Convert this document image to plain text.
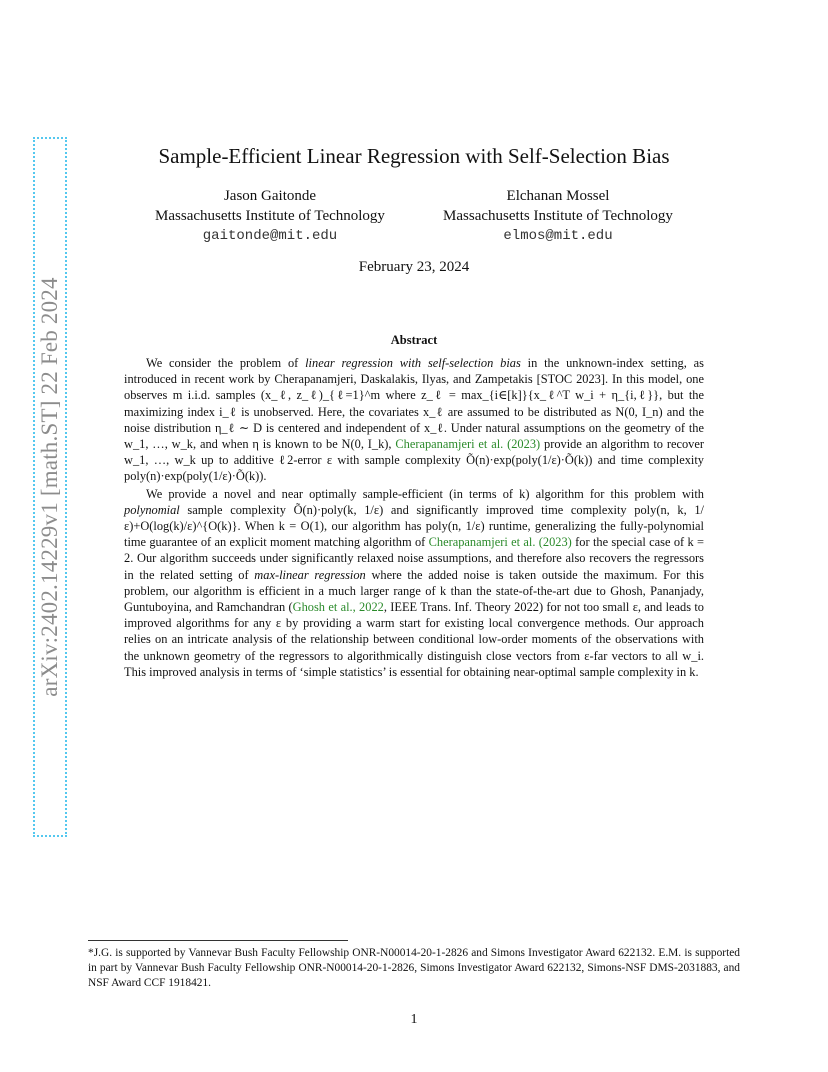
arXiv:2402.14229v1 [math.ST] 22 Feb 2024
Sample-Efficient Linear Regression with Self-Selection Bias
Jason Gaitonde
Massachusetts Institute of Technology
gaitonde@mit.edu
Elchanan Mossel
Massachusetts Institute of Technology
elmos@mit.edu
February 23, 2024
Abstract

We consider the problem of linear regression with self-selection bias in the unknown-index setting, as introduced in recent work by Cherapanamjeri, Daskalakis, Ilyas, and Zampetakis [STOC 2023]. In this model, one observes m i.i.d. samples (x_ℓ, z_ℓ)_{ℓ=1}^m where z_ℓ = max_{i∈[k]}{x_ℓ^T w_i + η_{i,ℓ}}, but the maximizing index i_ℓ is unobserved. Here, the covariates x_ℓ are assumed to be distributed as N(0, I_n) and the noise distribution η_ℓ ∼ D is centered and independent of x_ℓ. Under natural assumptions on the geometry of the w_1, …, w_k, and when η is known to be N(0, I_k), Cherapanamjeri et al. (2023) provide an algorithm to recover w_1, …, w_k up to additive ℓ2-error ε with sample complexity Õ(n)·exp(poly(1/ε)·Õ(k)) and time complexity poly(n)·exp(poly(1/ε)·Õ(k)).

We provide a novel and near optimally sample-efficient (in terms of k) algorithm for this problem with polynomial sample complexity Õ(n)·poly(k, 1/ε) and significantly improved time complexity poly(n, k, 1/ε)+O(log(k)/ε)^{O(k)}. When k = O(1), our algorithm has poly(n, 1/ε) runtime, generalizing the fully-polynomial time guarantee of an explicit moment matching algorithm of Cherapanamjeri et al. (2023) for the special case of k = 2. Our algorithm succeeds under significantly relaxed noise assumptions, and therefore also recovers the regressors in the related setting of max-linear regression where the added noise is taken outside the maximum. For this problem, our algorithm is efficient in a much larger range of k than the state-of-the-art due to Ghosh, Pananjady, Guntuboyina, and Ramchandran (Ghosh et al., 2022, IEEE Trans. Inf. Theory 2022) for not too small ε, and leads to improved algorithms for any ε by providing a warm start for existing local convergence methods. Our approach relies on an intricate analysis of the relationship between conditional low-order moments of the observations with the unknown geometry of the regressors to algorithmically distinguish close vectors from ε-far vectors to all w_i. This improved analysis in terms of ‘simple statistics’ is essential for obtaining near-optimal sample complexity in k.

*J.G. is supported by Vannevar Bush Faculty Fellowship ONR-N00014-20-1-2826 and Simons Investigator Award 622132. E.M. is supported in part by Vannevar Bush Faculty Fellowship ONR-N00014-20-1-2826, Simons Investigator Award 622132, Simons-NSF DMS-2031883, and NSF Award CCF 1918421.
1
